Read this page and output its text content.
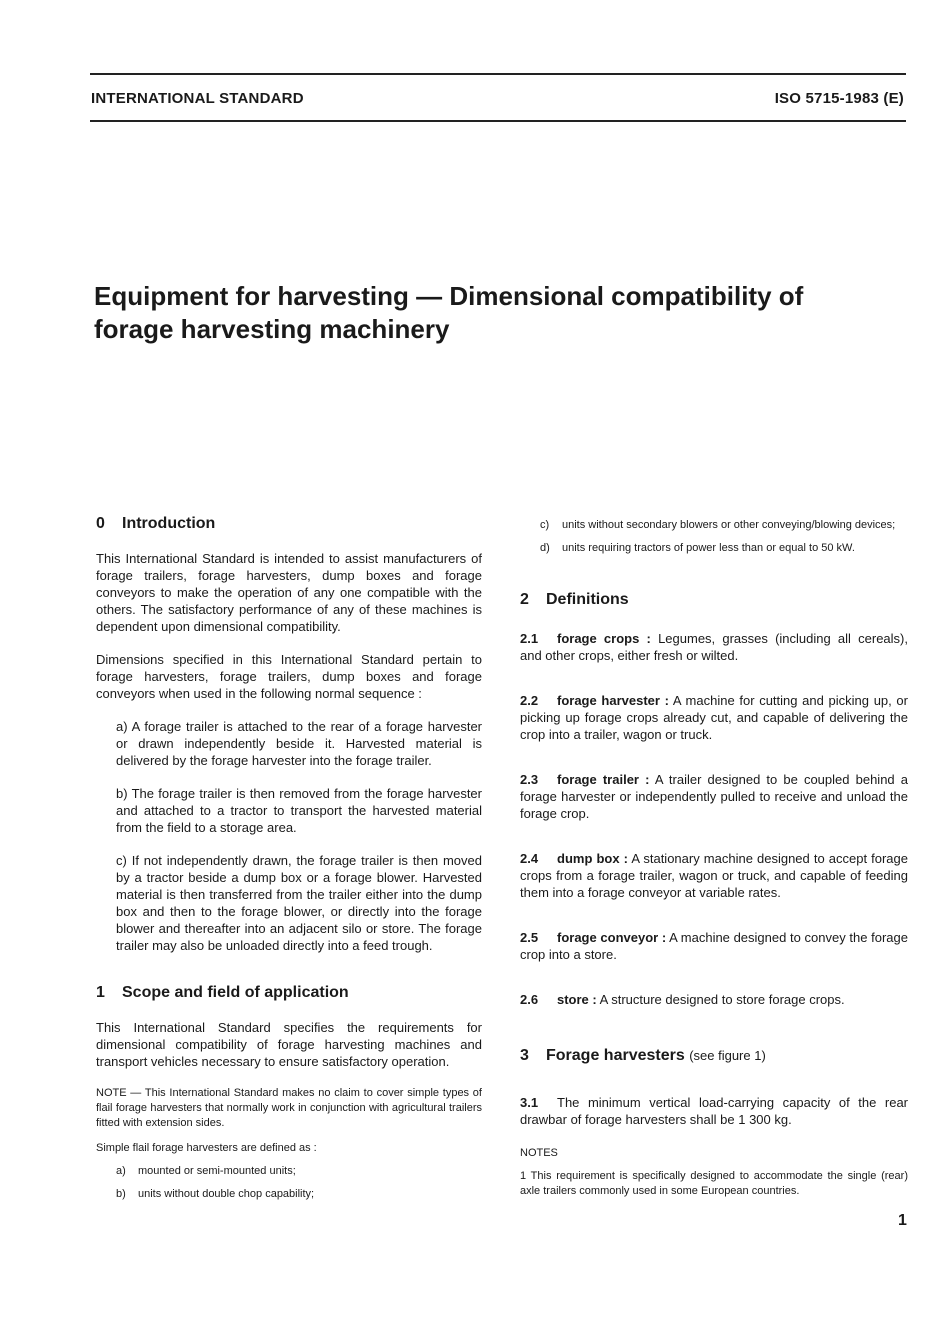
INTERNATIONAL STANDARD	ISO 5715-1983 (E)
Equipment for harvesting — Dimensional compatibility of
forage harvesting machinery
0 Introduction

This International Standard is intended to assist manufacturers of forage trailers, forage harvesters, dump boxes and forage conveyors to make the operation of any one compatible with the others. The satisfactory performance of any of these machines is dependent upon dimensional compatibility.

Dimensions specified in this International Standard pertain to forage harvesters, forage trailers, dump boxes and forage conveyors when used in the following normal sequence :

a) A forage trailer is attached to the rear of a forage harvester or drawn independently beside it. Harvested material is delivered by the forage harvester into the forage trailer.

b) The forage trailer is then removed from the forage harvester and attached to a tractor to transport the harvested material from the field to a storage area.

c) If not independently drawn, the forage trailer is then moved by a tractor beside a dump box or a forage blower. Harvested material is then transferred from the trailer either into the dump box and then to the forage blower, or directly into the forage blower and thereafter into an adjacent silo or store. The forage trailer may also be unloaded directly into a feed trough.

1 Scope and field of application

This International Standard specifies the requirements for dimensional compatibility of forage harvesting machines and transport vehicles necessary to ensure satisfactory operation.

NOTE — This International Standard makes no claim to cover simple types of flail forage harvesters that normally work in conjunction with agricultural trailers fitted with extension sides.

Simple flail forage harvesters are defined as :

a)	mounted or semi-mounted units;
b)	units without double chop capability;
c)	units without secondary blowers or other conveying/blowing devices;
d)	units requiring tractors of power less than or equal to 50 kW.
2 Definitions

2.1 forage crops : Legumes, grasses (including all cereals), and other crops, either fresh or wilted.

2.2 forage harvester : A machine for cutting and picking up, or picking up forage crops already cut, and capable of delivering the crop into a trailer, wagon or truck.

2.3 forage trailer : A trailer designed to be coupled behind a forage harvester or independently pulled to receive and unload the forage crop.

2.4 dump box : A stationary machine designed to accept forage crops from a forage trailer, wagon or truck, and capable of feeding them into a forage conveyor at variable rates.

2.5 forage conveyor : A machine designed to convey the forage crop into a store.

2.6 store : A structure designed to store forage crops.

3 Forage harvesters (see figure 1)

3.1 The minimum vertical load-carrying capacity of the rear drawbar of forage harvesters shall be 1 300 kg.

NOTES

1 This requirement is specifically designed to accommodate the single (rear) axle trailers commonly used in some European countries.

1
